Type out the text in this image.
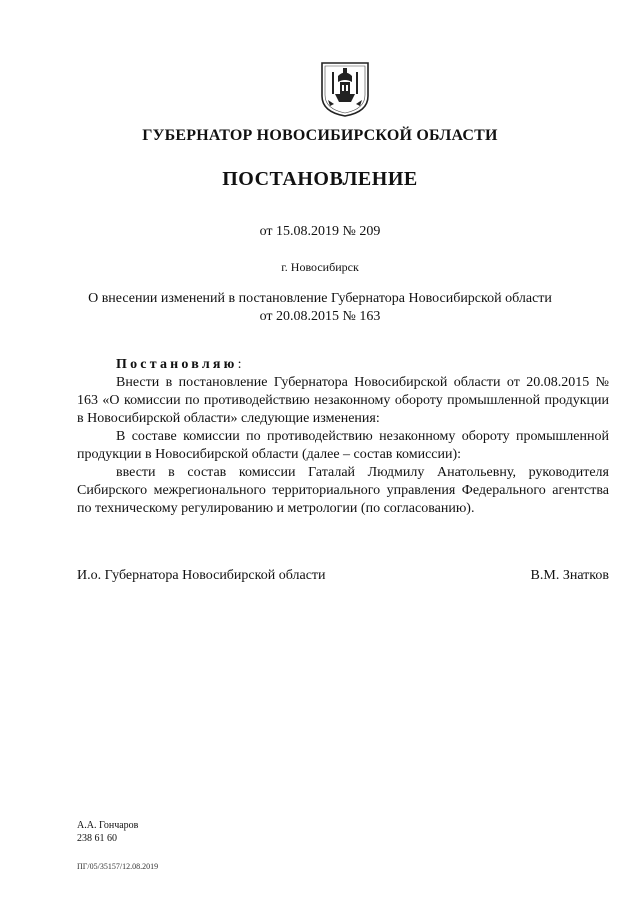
ГУБЕРНАТОР НОВОСИБИРСКОЙ ОБЛАСТИ
ПОСТАНОВЛЕНИЕ
от 15.08.2019 № 209
г. Новосибирск
О внесении изменений в постановление Губернатора Новосибирской области
от 20.08.2015 № 163

Постановляю:

Внести в постановление Губернатора Новосибирской области от 20.08.2015 № 163 «О комиссии по противодействию незаконному обороту промышленной продукции в Новосибирской области» следующие изменения:

В составе комиссии по противодействию незаконному обороту промышленной продукции в Новосибирской области (далее – состав комиссии):

ввести в состав комиссии Гаталай Людмилу Анатольевну, руководителя Сибирского межрегионального территориального управления Федерального агентства по техническому регулированию и метрологии (по согласованию).

И.о. Губернатора Новосибирской области	В.М. Знатков
А.А. Гончаров
238 61 60
ПГ/05/35157/12.08.2019
